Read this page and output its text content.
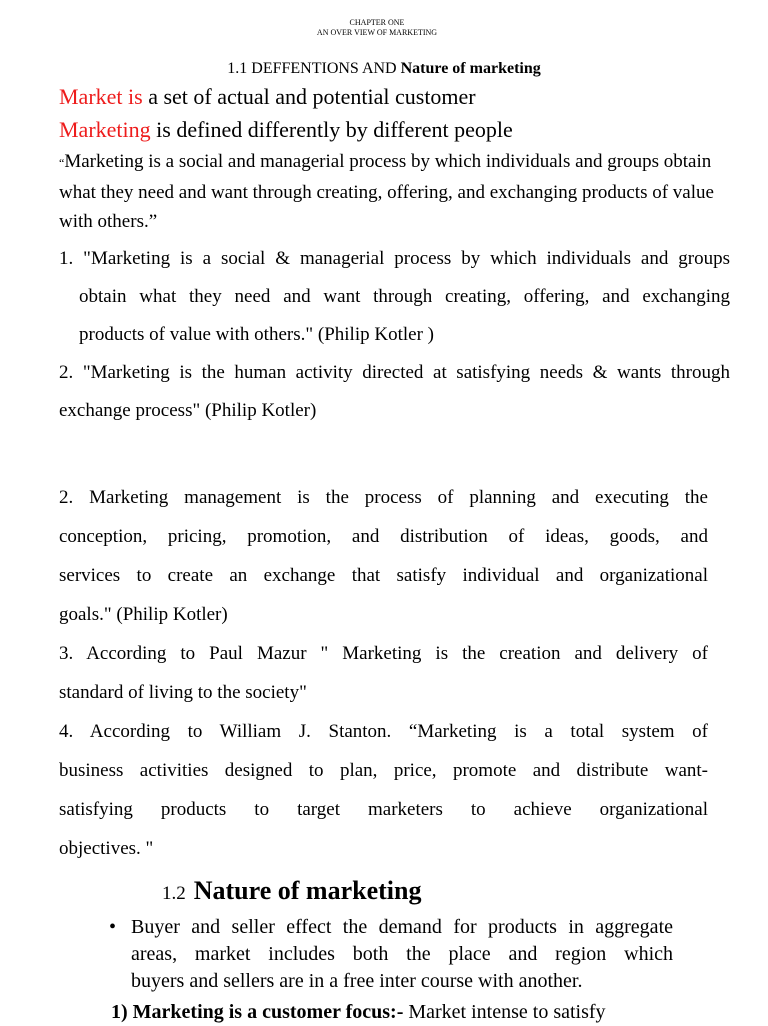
CHAPTER ONE
AN OVER VIEW OF MARKETING
1.1 DEFFENTIONS AND Nature of marketing
Market is a set of actual and potential customer
Marketing is defined differently by different people

“Marketing is a social and managerial process by which individuals and groups obtain what they need and want through creating, offering, and exchanging products of value with others.”

1. "Marketing is a social & managerial process by which individuals and groups
obtain what they need and want through creating, offering, and exchanging
products of value with others." (Philip Kotler )
2. "Marketing is the human activity directed at satisfying needs & wants through
exchange process" (Philip Kotler)
2. Marketing management is the process of planning and executing the
conception, pricing, promotion, and distribution of ideas, goods, and
services to create an exchange that satisfy individual and organizational
goals." (Philip Kotler)
3. According to Paul Mazur " Marketing is the creation and delivery of
standard of living to the society"
4. According to William J. Stanton. “Marketing is a total system of
business activities designed to plan, price, promote and distribute want-
satisfying products to target marketers to achieve organizational
objectives. "
1.2 Nature of marketing
• Buyer and seller effect the demand for products in aggregate
areas, market includes both the place and region which
buyers and sellers are in a free inter course with another.
1) Marketing is a customer focus:- Market intense to satisfy
